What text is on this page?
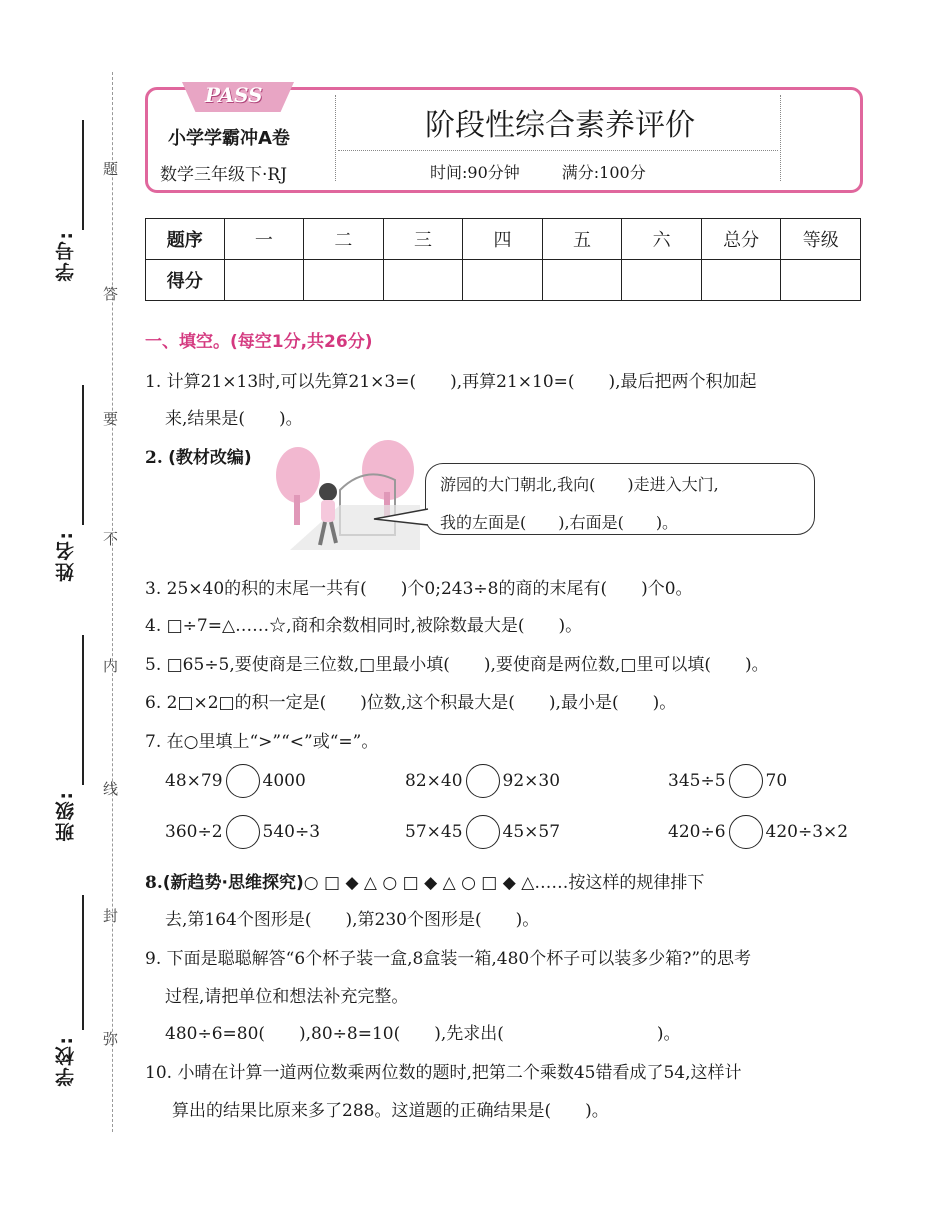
学号:
姓名:
班级:
学校:
题
答
要
不
内
线
封
弥
PASS
小学学霸冲A卷
数学三年级下·RJ
阶段性综合素养评价
时间:90分钟	满分:100分
题序	一	二	三	四	五	六	总分	等级
得分								
一、填空。(每空1分,共26分)
1. 计算21×13时,可以先算21×3=(　　),再算21×10=(　　),最后把两个积加起
来,结果是(　　)。
2. (教材改编)
游园的大门朝北,我向(　　)走进入大门,
我的左面是(　　),右面是(　　)。
3. 25×40的积的末尾一共有(　　)个0;243÷8的商的末尾有(　　)个0。
4. □÷7=△……☆,商和余数相同时,被除数最大是(　　)。
5. □65÷5,要使商是三位数,□里最小填(　　),要使商是两位数,□里可以填(　　)。
6. 2□×2□的积一定是(　　)位数,这个积最大是(　　),最小是(　　)。
7. 在○里填上“>”“<”或“=”。
48×79 4000	82×40 92×30	345÷5 70
360÷2 540÷3	57×45 45×57	420÷6 420÷3×2
8.(新趋势·思维探究)○ □ ◆ △ ○ □ ◆ △ ○ □ ◆ △……按这样的规律排下
去,第164个图形是(　　),第230个图形是(　　)。
9. 下面是聪聪解答“6个杯子装一盒,8盒装一箱,480个杯子可以装多少箱?”的思考
过程,请把单位和想法补充完整。
480÷6=80(　　),80÷8=10(　　),先求出(　　　　　　　　　)。
10. 小晴在计算一道两位数乘两位数的题时,把第二个乘数45错看成了54,这样计
算出的结果比原来多了288。这道题的正确结果是(　　)。
